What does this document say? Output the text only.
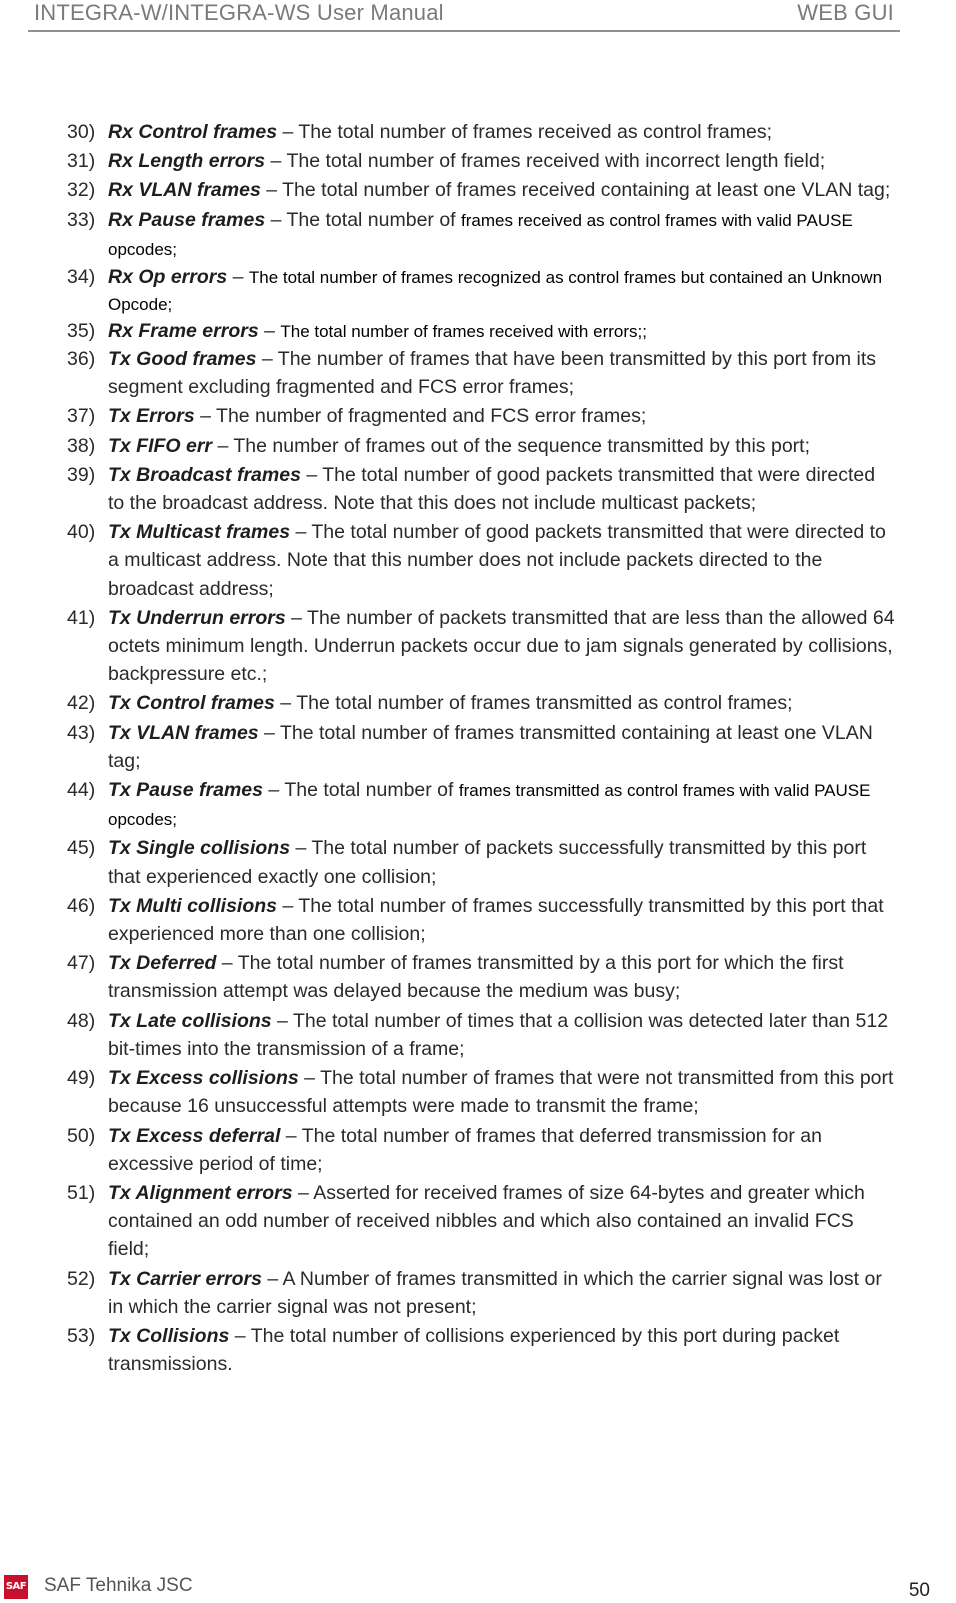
INTEGRA-W/INTEGRA-WS User Manual	WEB GUI
30) Rx Control frames – The total number of frames received as control frames;
31) Rx Length errors – The total number of frames received with incorrect length field;
32) Rx VLAN frames – The total number of frames received containing at least one VLAN tag;
33) Rx Pause frames – The total number of frames received as control frames with valid PAUSE opcodes;
34) Rx Op errors – The total number of frames recognized as control frames but contained an Unknown Opcode;
35) Rx Frame errors – The total number of frames received with errors;;
36) Tx Good frames – The number of frames that have been transmitted by this port from its segment excluding fragmented and FCS error frames;
37) Tx Errors – The number of fragmented and FCS error frames;
38) Tx FIFO err – The number of frames out of the sequence transmitted by this port;
39) Tx Broadcast frames – The total number of good packets transmitted that were directed to the broadcast address. Note that this does not include multicast packets;
40) Tx Multicast frames – The total number of good packets transmitted that were directed to a multicast address. Note that this number does not include packets directed to the broadcast address;
41) Tx Underrun errors – The number of packets transmitted that are less than the allowed 64 octets minimum length. Underrun packets occur due to jam signals generated by collisions, backpressure etc.;
42) Tx Control frames – The total number of frames transmitted as control frames;
43) Tx VLAN frames – The total number of frames transmitted containing at least one VLAN tag;
44) Tx Pause frames – The total number of frames transmitted as control frames with valid PAUSE opcodes;
45) Tx Single collisions – The total number of packets successfully transmitted by this port that experienced exactly one collision;
46) Tx Multi collisions – The total number of frames successfully transmitted by this port that experienced more than one collision;
47) Tx Deferred – The total number of frames transmitted by a this port for which the first transmission attempt was delayed because the medium was busy;
48) Tx Late collisions – The total number of times that a collision was detected later than 512 bit-times into the transmission of a frame;
49) Tx Excess collisions – The total number of frames that were not transmitted from this port because 16 unsuccessful attempts were made to transmit the frame;
50) Tx Excess deferral – The total number of frames that deferred transmission for an excessive period of time;
51) Tx Alignment errors – Asserted for received frames of size 64-bytes and greater which contained an odd number of received nibbles and which also contained an invalid FCS field;
52) Tx Carrier errors – A Number of frames transmitted in which the carrier signal was lost or in which the carrier signal was not present;
53) Tx Collisions – The total number of collisions experienced by this port during packet transmissions.
SAF SAF Tehnika JSC	50
